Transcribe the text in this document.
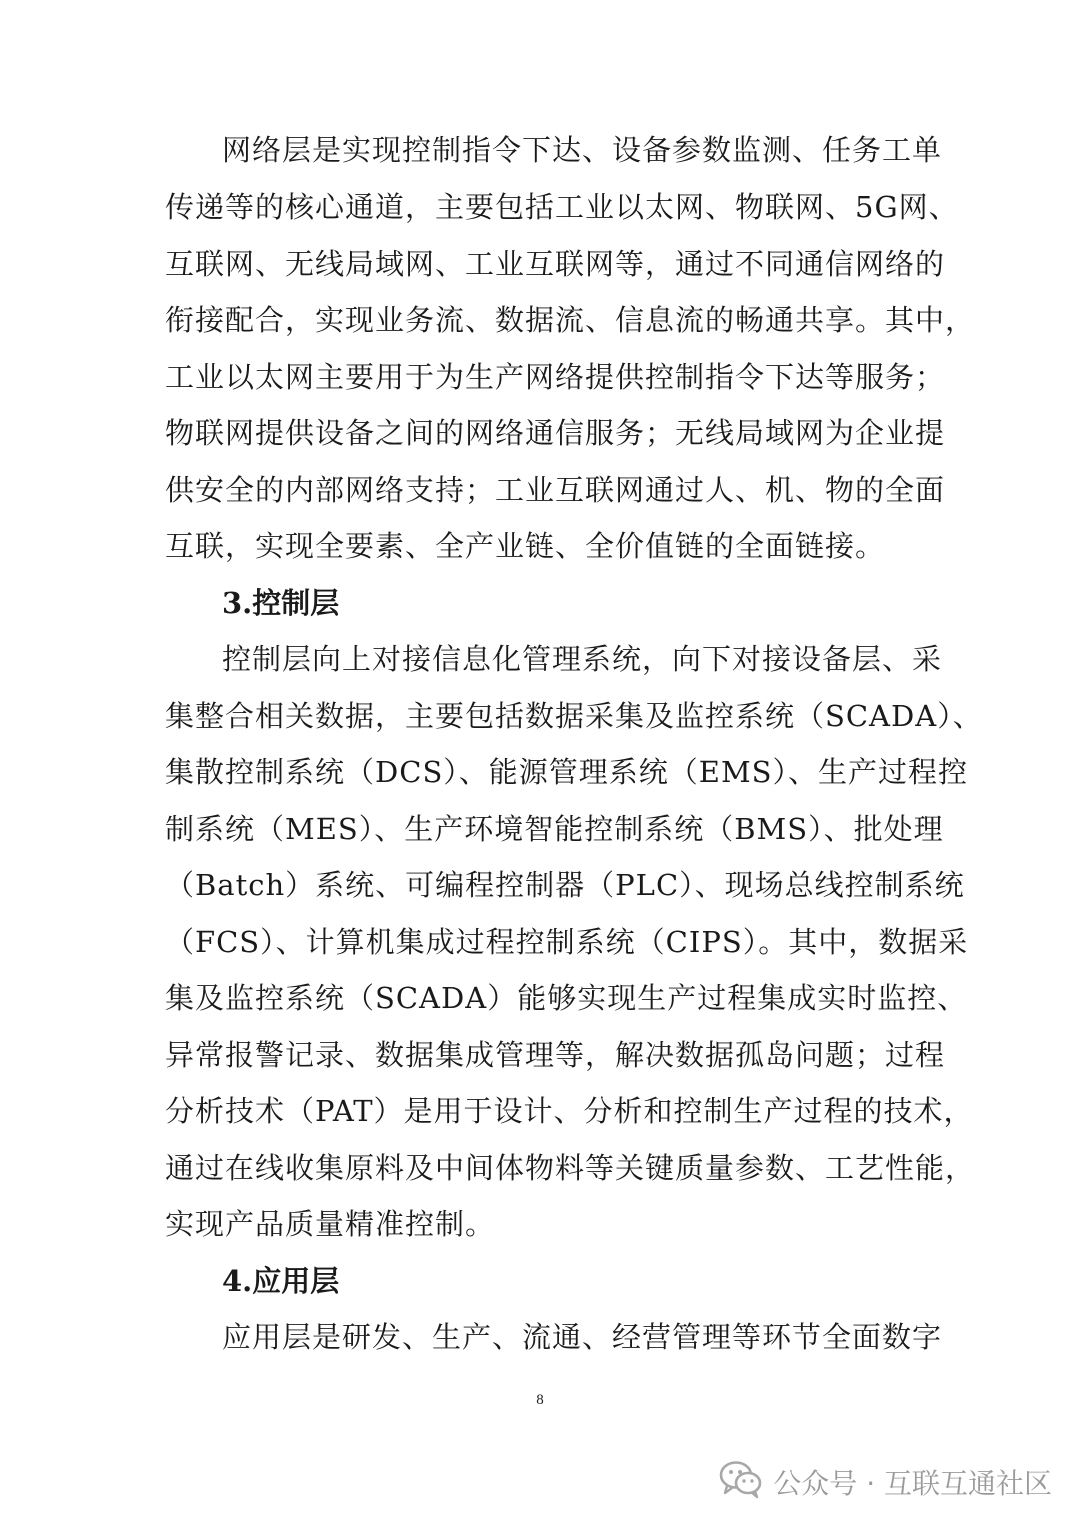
网络层是实现控制指令下达、设备参数监测、任务工单
传递等的核心通道，主要包括工业以太网、物联网、5G网、
互联网、无线局域网、工业互联网等，通过不同通信网络的
衔接配合，实现业务流、数据流、信息流的畅通共享。其中，
工业以太网主要用于为生产网络提供控制指令下达等服务；
物联网提供设备之间的网络通信服务；无线局域网为企业提
供安全的内部网络支持；工业互联网通过人、机、物的全面
互联，实现全要素、全产业链、全价值链的全面链接。
3.控制层
控制层向上对接信息化管理系统，向下对接设备层、采
集整合相关数据，主要包括数据采集及监控系统（SCADA）、
集散控制系统（DCS）、能源管理系统（EMS）、生产过程控
制系统（MES）、生产环境智能控制系统（BMS）、批处理
（Batch）系统、可编程控制器（PLC）、现场总线控制系统
（FCS）、计算机集成过程控制系统（CIPS）。其中，数据采
集及监控系统（SCADA）能够实现生产过程集成实时监控、
异常报警记录、数据集成管理等，解决数据孤岛问题；过程
分析技术（PAT）是用于设计、分析和控制生产过程的技术，
通过在线收集原料及中间体物料等关键质量参数、工艺性能，
实现产品质量精准控制。
4.应用层
应用层是研发、生产、流通、经营管理等环节全面数字
8
公众号 · 互联互通社区
